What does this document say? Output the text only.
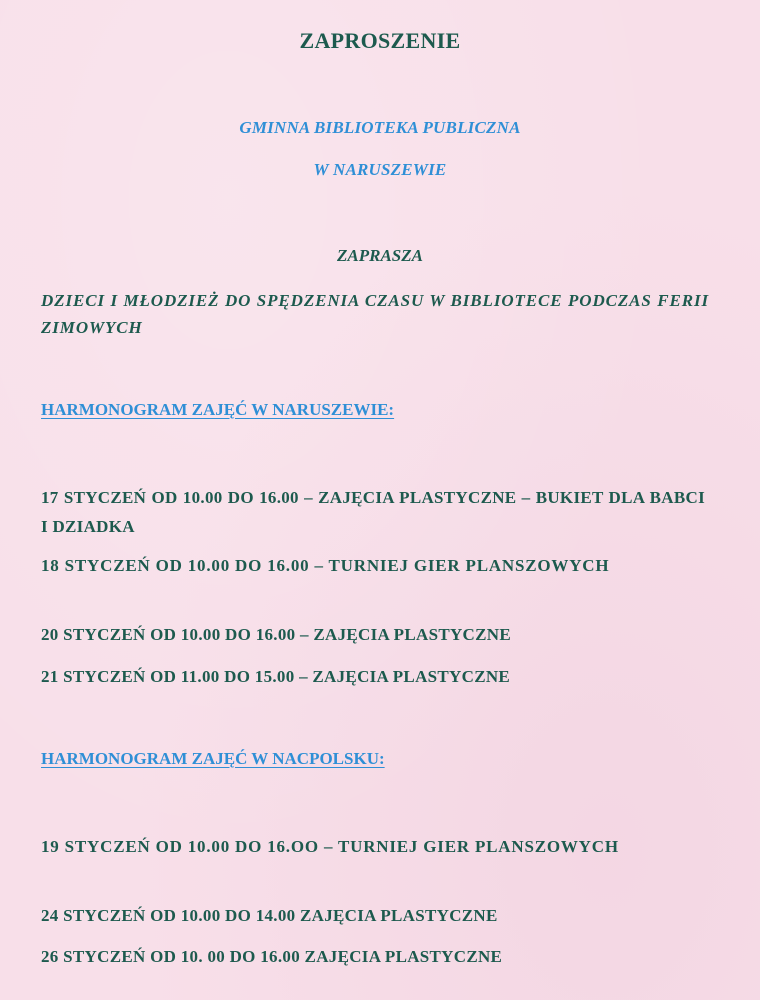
ZAPROSZENIE
GMINNA BIBLIOTEKA PUBLICZNA
W NARUSZEWIE
ZAPRASZA
DZIECI I MŁODZIEŻ DO SPĘDZENIA CZASU W BIBLIOTECE PODCZAS FERII ZIMOWYCH
HARMONOGRAM ZAJĘĆ W NARUSZEWIE:
17 STYCZEŃ OD 10.00 DO 16.00 – ZAJĘCIA PLASTYCZNE – BUKIET DLA BABCI I DZIADKA
18 STYCZEŃ OD 10.00 DO 16.00 – TURNIEJ GIER PLANSZOWYCH
20 STYCZEŃ OD 10.00 DO 16.00 – ZAJĘCIA PLASTYCZNE
21 STYCZEŃ OD 11.00 DO 15.00 – ZAJĘCIA PLASTYCZNE
HARMONOGRAM ZAJĘĆ W NACPOLSKU:
19 STYCZEŃ OD 10.00 DO 16.OO – TURNIEJ GIER PLANSZOWYCH
24 STYCZEŃ OD 10.00 DO 14.00 ZAJĘCIA PLASTYCZNE
26 STYCZEŃ OD 10. 00 DO 16.00 ZAJĘCIA PLASTYCZNE
